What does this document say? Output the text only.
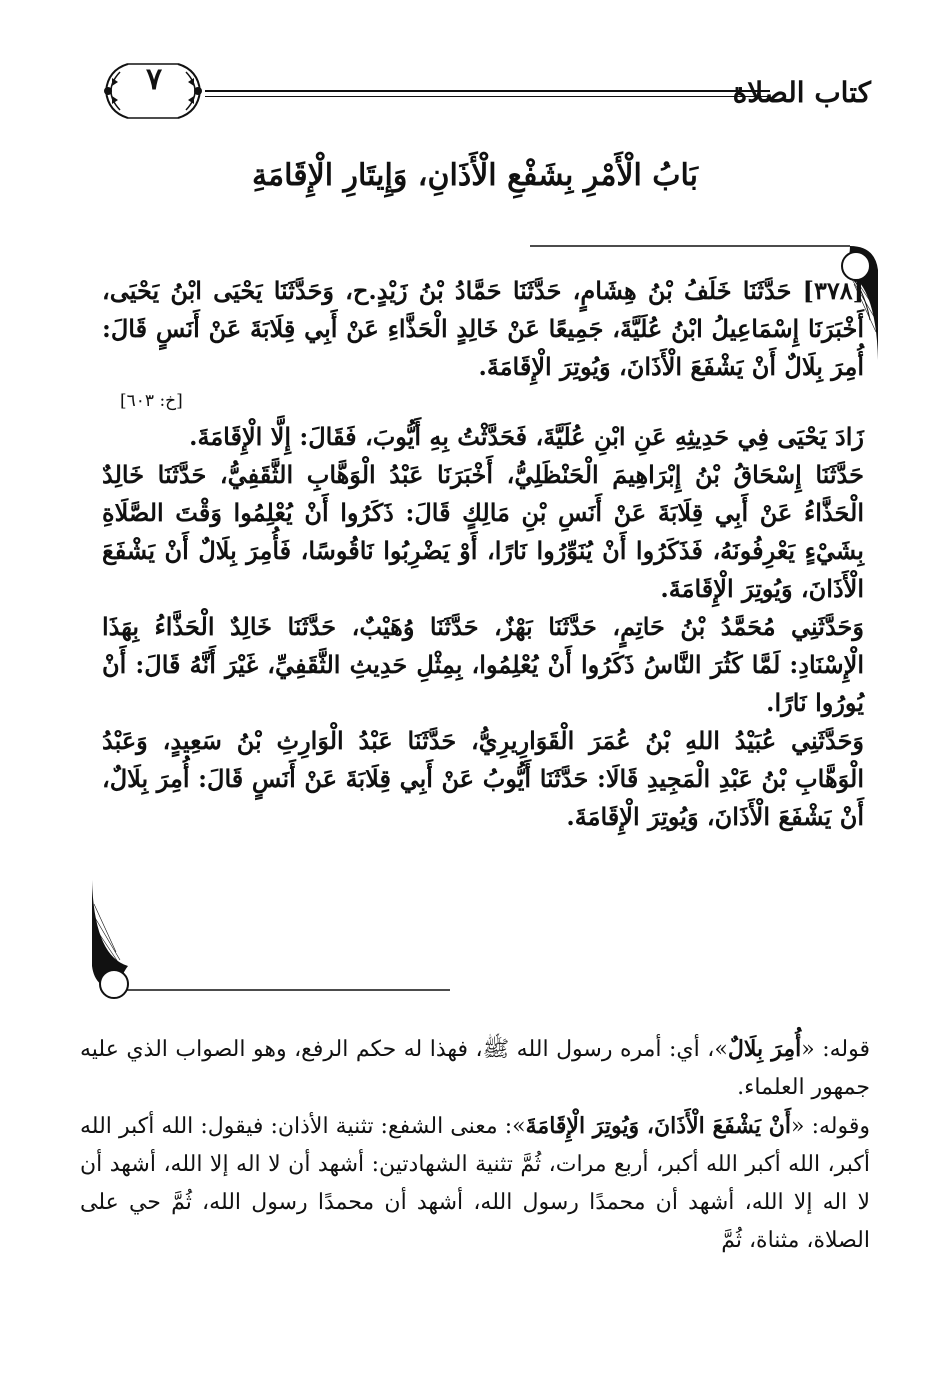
كتاب الصلاة
٧
بَابُ الْأَمْرِ بِشَفْعِ الْأَذَانِ، وَإِيتَارِ الْإِقَامَةِ

[٣٧٨] حَدَّثَنَا خَلَفُ بْنُ هِشَامٍ، حَدَّثَنَا حَمَّادُ بْنُ زَيْدٍ.ح، وَحَدَّثَنَا يَحْيَى ابْنُ يَحْيَى، أَخْبَرَنَا إِسْمَاعِيلُ ابْنُ عُلَيَّةَ، جَمِيعًا عَنْ خَالِدٍ الْحَذَّاءِ عَنْ أَبِي قِلَابَةَ عَنْ أَنَسٍ قَالَ: أُمِرَ بِلَالٌ أَنْ يَشْفَعَ الْأَذَانَ، وَيُوتِرَ الْإِقَامَةَ.

[خ: ٦٠٣]

زَادَ يَحْيَى فِي حَدِيثِهِ عَنِ ابْنِ عُلَيَّةَ، فَحَدَّثْتُ بِهِ أَيُّوبَ، فَقَالَ: إِلَّا الْإِقَامَةَ.

حَدَّثَنَا إِسْحَاقُ بْنُ إِبْرَاهِيمَ الْحَنْظَلِيُّ، أَخْبَرَنَا عَبْدُ الْوَهَّابِ الثَّقَفِيُّ، حَدَّثَنَا خَالِدٌ الْحَذَّاءُ عَنْ أَبِي قِلَابَةَ عَنْ أَنَسِ بْنِ مَالِكٍ قَالَ: ذَكَرُوا أَنْ يُعْلِمُوا وَقْتَ الصَّلَاةِ بِشَيْءٍ يَعْرِفُونَهُ، فَذَكَرُوا أَنْ يُنَوِّرُوا نَارًا، أَوْ يَضْرِبُوا نَاقُوسًا، فَأُمِرَ بِلَالٌ أَنْ يَشْفَعَ الْأَذَانَ، وَيُوتِرَ الْإِقَامَةَ.

وَحَدَّثَنِي مُحَمَّدُ بْنُ حَاتِمٍ، حَدَّثَنَا بَهْزٌ، حَدَّثَنَا وُهَيْبٌ، حَدَّثَنَا خَالِدٌ الْحَذَّاءُ بِهَذَا الْإِسْنَادِ: لَمَّا كَثُرَ النَّاسُ ذَكَرُوا أَنْ يُعْلِمُوا، بِمِثْلِ حَدِيثِ الثَّقَفِيِّ، غَيْرَ أَنَّهُ قَالَ: أَنْ يُورُوا نَارًا.

وَحَدَّثَنِي عُبَيْدُ اللهِ بْنُ عُمَرَ الْقَوَارِيرِيُّ، حَدَّثَنَا عَبْدُ الْوَارِثِ بْنُ سَعِيدٍ، وَعَبْدُ الْوَهَّابِ بْنُ عَبْدِ الْمَجِيدِ قَالَا: حَدَّثَنَا أَيُّوبُ عَنْ أَبِي قِلَابَةَ عَنْ أَنَسٍ قَالَ: أُمِرَ بِلَالٌ، أَنْ يَشْفَعَ الْأَذَانَ، وَيُوتِرَ الْإِقَامَةَ.

قوله: «أُمِرَ بِلَالٌ»، أي: أمره رسول الله ﷺ، فهذا له حكم الرفع، وهو الصواب الذي عليه جمهور العلماء.

وقوله: «أَنْ يَشْفَعَ الْأَذَانَ، وَيُوتِرَ الْإِقَامَةَ»: معنى الشفع: تثنية الأذان: فيقول: الله أكبر الله أكبر، الله أكبر الله أكبر، أربع مرات، ثُمَّ تثنية الشهادتين: أشهد أن لا اله إلا الله، أشهد أن لا اله إلا الله، أشهد أن محمدًا رسول الله، أشهد أن محمدًا رسول الله، ثُمَّ حي على الصلاة، مثناة، ثُمَّ
